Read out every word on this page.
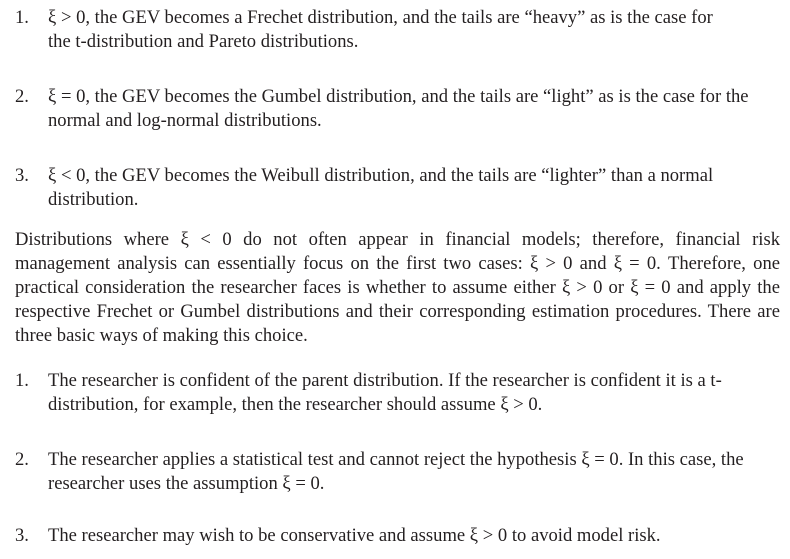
1. ξ > 0, the GEV becomes a Frechet distribution, and the tails are “heavy” as is the case for the t-distribution and Pareto distributions.
2. ξ = 0, the GEV becomes the Gumbel distribution, and the tails are “light” as is the case for the normal and log-normal distributions.
3. ξ < 0, the GEV becomes the Weibull distribution, and the tails are “lighter” than a normal distribution.
Distributions where ξ < 0 do not often appear in financial models; therefore, financial risk management analysis can essentially focus on the first two cases: ξ > 0 and ξ = 0. Therefore, one practical consideration the researcher faces is whether to assume either ξ > 0 or ξ = 0 and apply the respective Frechet or Gumbel distributions and their corresponding estimation procedures. There are three basic ways of making this choice.
1. The researcher is confident of the parent distribution. If the researcher is confident it is a t-distribution, for example, then the researcher should assume ξ > 0.
2. The researcher applies a statistical test and cannot reject the hypothesis ξ = 0. In this case, the researcher uses the assumption ξ = 0.
3. The researcher may wish to be conservative and assume ξ > 0 to avoid model risk.
